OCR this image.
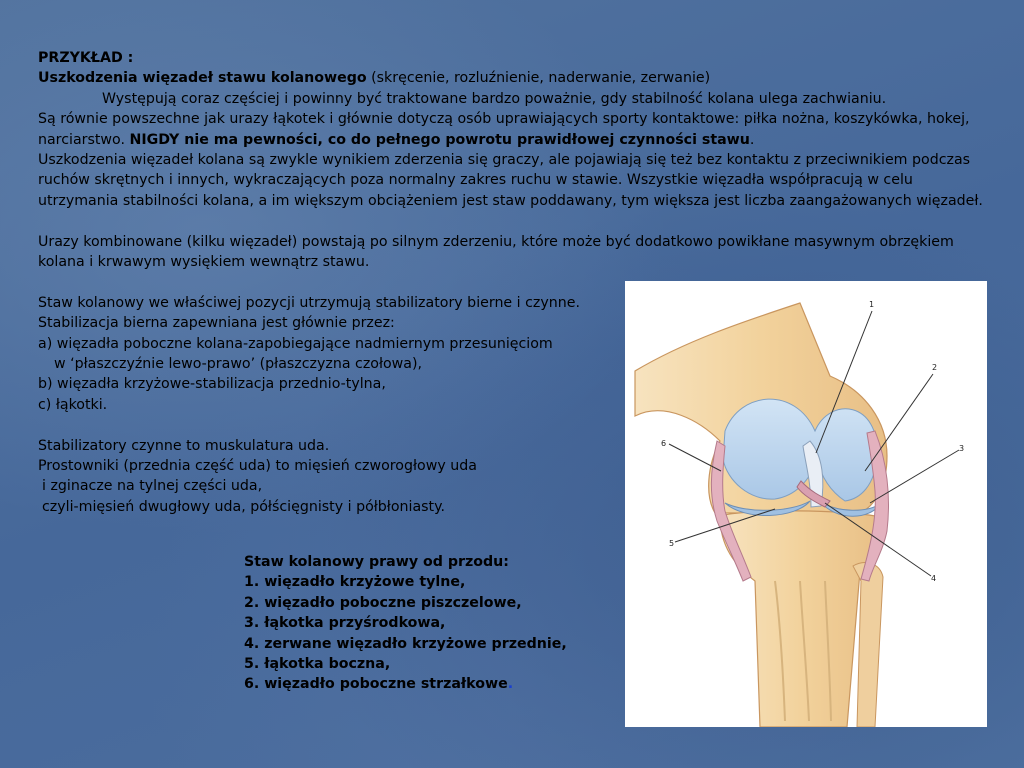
PRZYKŁAD :

Uszkodzenia więzadeł stawu kolanowego (skręcenie, rozluźnienie, naderwanie, zerwanie)

Występują coraz częściej i powinny być traktowane bardzo poważnie, gdy stabilność kolana ulega zachwianiu.

Są równie powszechne jak urazy łąkotek i głównie dotyczą osób uprawiających sporty kontaktowe: piłka nożna, koszykówka, hokej, narciarstwo. NIGDY nie ma pewności, co do pełnego powrotu prawidłowej czynności stawu.

Uszkodzenia więzadeł kolana są zwykle wynikiem zderzenia się graczy, ale pojawiają się też bez kontaktu z przeciwnikiem podczas ruchów skrętnych i innych, wykraczających poza normalny zakres ruchu w stawie. Wszystkie więzadła współpracują w celu utrzymania stabilności kolana, a im większym obciążeniem jest staw poddawany, tym większa jest liczba zaangażowanych więzadeł.

Urazy kombinowane (kilku więzadeł) powstają po silnym zderzeniu, które może być dodatkowo powikłane masywnym obrzękiem kolana i krwawym wysiękiem wewnątrz stawu.

Staw kolanowy we właściwej pozycji utrzymują stabilizatory bierne i czynne.

Stabilizacja bierna zapewniana jest głównie przez:

a) więzadła poboczne kolana-zapobiegające nadmiernym przesunięciom

w ‘płaszczyźnie lewo-prawo’ (płaszczyzna czołowa),

b) więzadła krzyżowe-stabilizacja przednio-tylna,

c) łąkotki.

Stabilizatory czynne to muskulatura uda.

Prostowniki (przednia część uda) to mięsień czworogłowy uda

i zginacze na tylnej części uda,

czyli-mięsień dwugłowy uda, półścięgnisty i półbłoniasty.

Staw kolanowy prawy od przodu:

1. więzadło krzyżowe tylne,

2. więzadło poboczne piszczelowe,

3. łąkotka przyśrodkowa,

4. zerwane więzadło krzyżowe przednie,

5. łąkotka boczna,

6. więzadło poboczne strzałkowe.

1
2
3
4
5
6
